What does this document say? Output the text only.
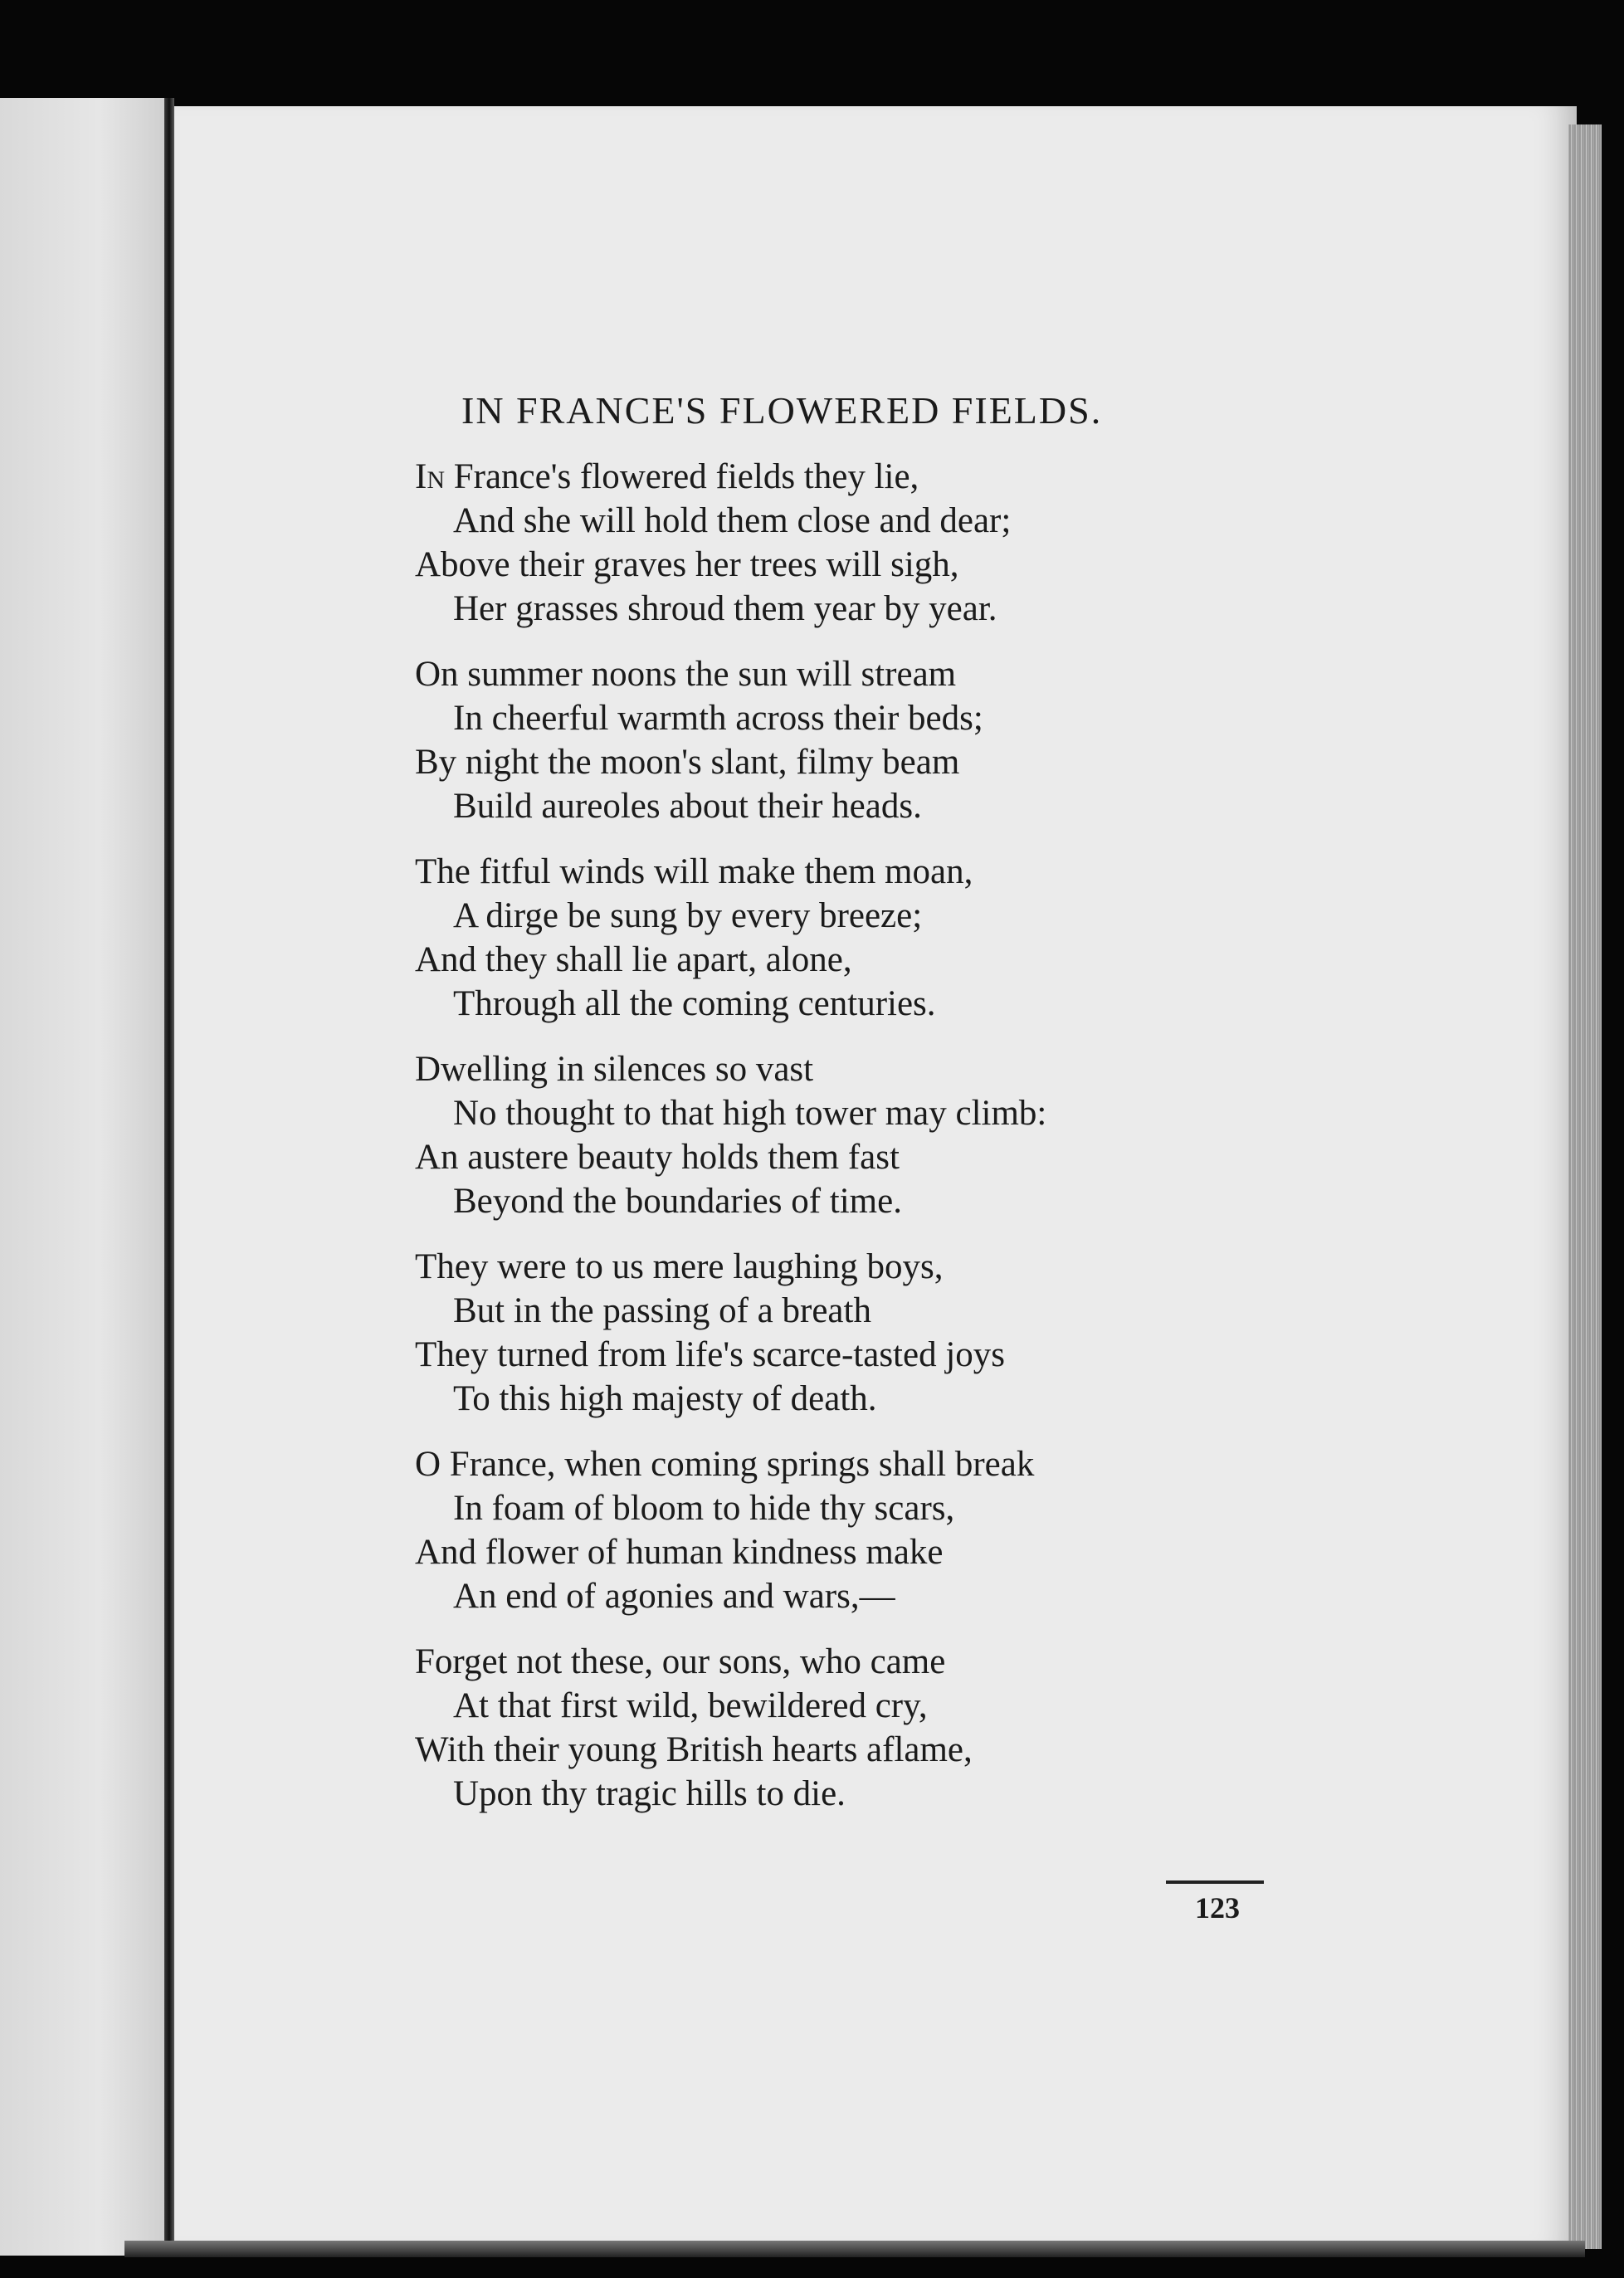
IN FRANCE'S FLOWERED FIELDS.
In France's flowered fields they lie,
And she will hold them close and dear;
Above their graves her trees will sigh,
Her grasses shroud them year by year.
On summer noons the sun will stream
In cheerful warmth across their beds;
By night the moon's slant, filmy beam
Build aureoles about their heads.
The fitful winds will make them moan,
A dirge be sung by every breeze;
And they shall lie apart, alone,
Through all the coming centuries.
Dwelling in silences so vast
No thought to that high tower may climb:
An austere beauty holds them fast
Beyond the boundaries of time.
They were to us mere laughing boys,
But in the passing of a breath
They turned from life's scarce-tasted joys
To this high majesty of death.
O France, when coming springs shall break
In foam of bloom to hide thy scars,
And flower of human kindness make
An end of agonies and wars,—
Forget not these, our sons, who came
At that first wild, bewildered cry,
With their young British hearts aflame,
Upon thy tragic hills to die.
123
